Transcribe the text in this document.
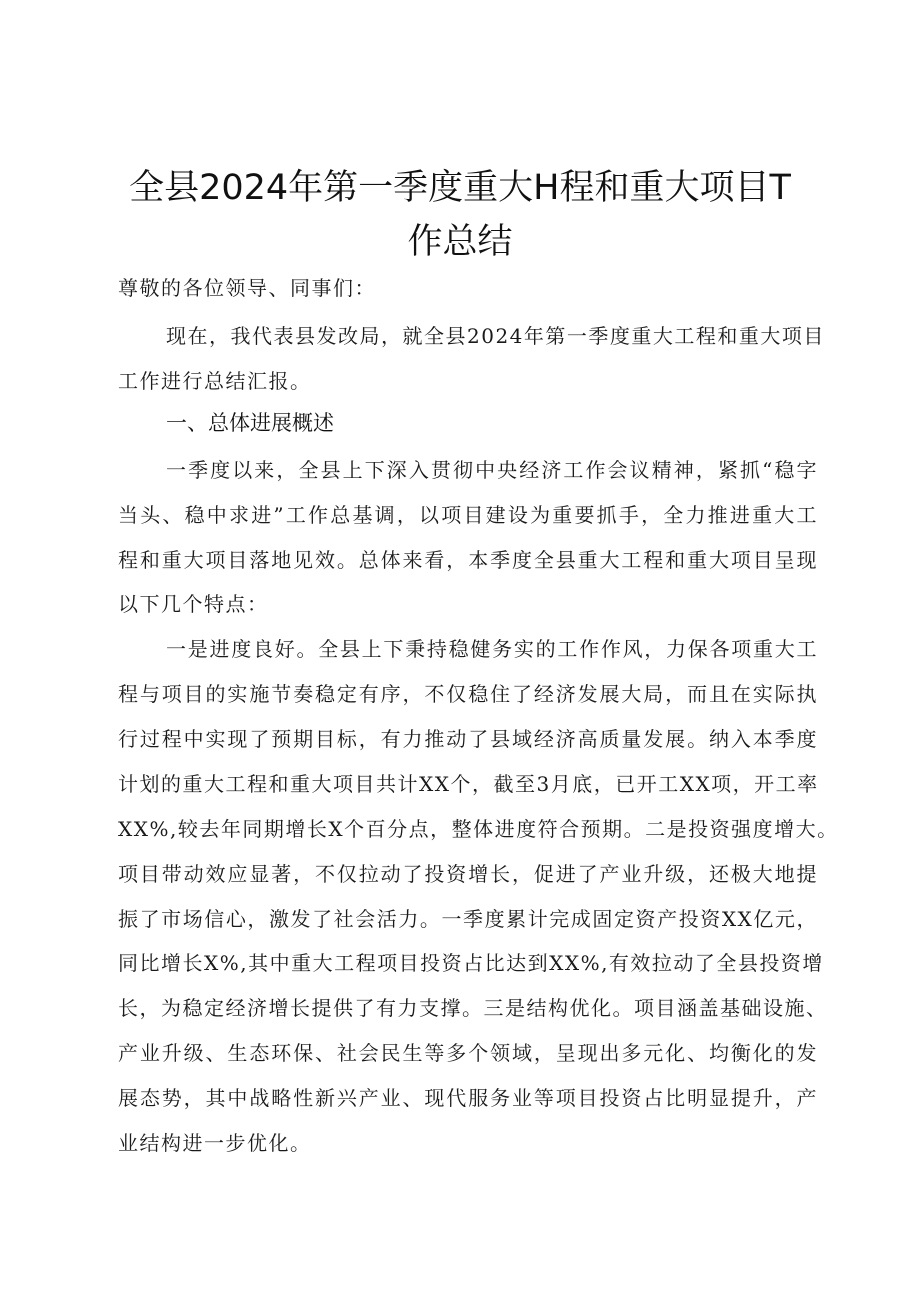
全县2024年第一季度重大H程和重大项目T
作总结
尊敬的各位领导、同事们：
现在，我代表县发改局，就全县2024年第一季度重大工程和重大项目
工作进行总结汇报。
一、总体进展概述
一季度以来，全县上下深入贯彻中央经济工作会议精神，紧抓“稳字
当头、稳中求进”工作总基调，以项目建设为重要抓手，全力推进重大工
程和重大项目落地见效。总体来看，本季度全县重大工程和重大项目呈现
以下几个特点：
一是进度良好。全县上下秉持稳健务实的工作作风，力保各项重大工
程与项目的实施节奏稳定有序，不仅稳住了经济发展大局，而且在实际执
行过程中实现了预期目标，有力推动了县域经济高质量发展。纳入本季度
计划的重大工程和重大项目共计XX个，截至3月底，已开工XX项，开工率
XX%,较去年同期增长X个百分点，整体进度符合预期。二是投资强度增大。
项目带动效应显著，不仅拉动了投资增长，促进了产业升级，还极大地提
振了市场信心，激发了社会活力。一季度累计完成固定资产投资XX亿元，
同比增长X%,其中重大工程项目投资占比达到XX%,有效拉动了全县投资增
长，为稳定经济增长提供了有力支撑。三是结构优化。项目涵盖基础设施、
产业升级、生态环保、社会民生等多个领域，呈现出多元化、均衡化的发
展态势，其中战略性新兴产业、现代服务业等项目投资占比明显提升，产
业结构进一步优化。
